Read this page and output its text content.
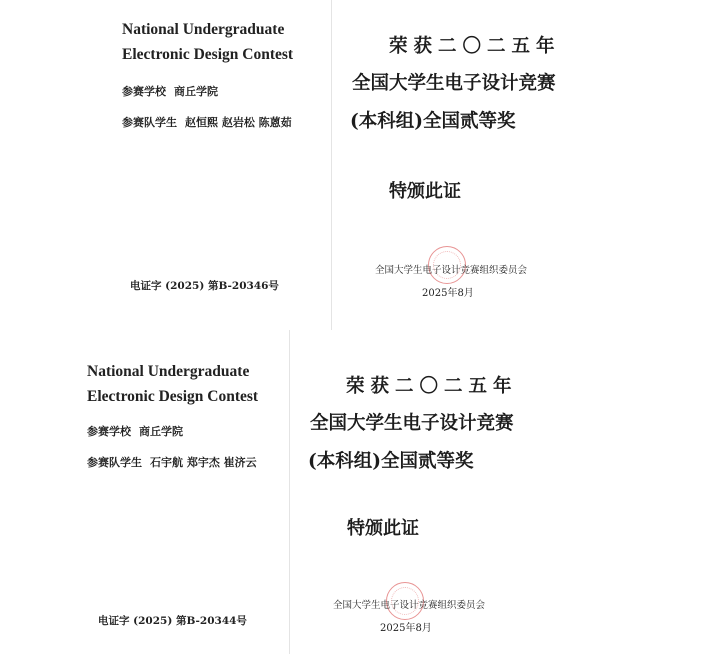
National Undergraduate
Electronic Design Contest
参赛学校 商丘学院
参赛队学生 赵恒熙 赵岩松 陈蒽茹
电证字 (2025) 第B-20346号
荣获二〇二五年
全国大学生电子设计竞赛
(本科组)全国贰等奖
特颁此证
全国大学生电子设计竞赛组织委员会
2025年8月
National Undergraduate
Electronic Design Contest
参赛学校 商丘学院
参赛队学生 石宇航 郑宇杰 崔济云
电证字 (2025) 第B-20344号
荣获二〇二五年
全国大学生电子设计竞赛
(本科组)全国贰等奖
特颁此证
全国大学生电子设计竞赛组织委员会
2025年8月
